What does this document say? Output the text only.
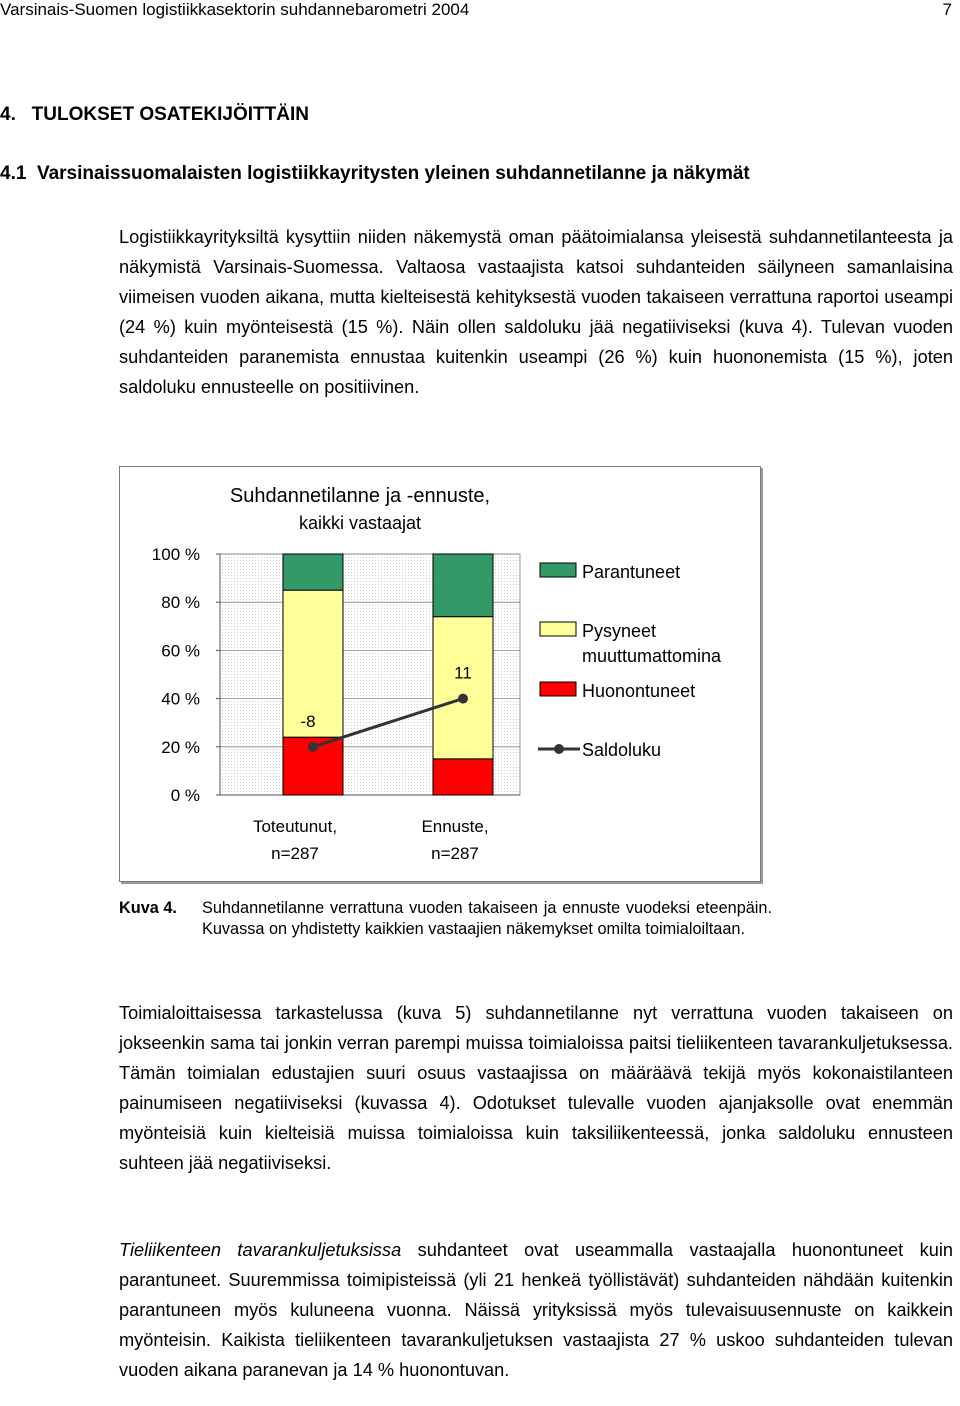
Varsinais-Suomen logistiikkasektorin suhdannebarometri 2004	7
4.   TULOKSET OSATEKIJÖITTÄIN
4.1  Varsinaissuomalaisten logistiikkayritysten yleinen suhdannetilanne ja näkymät

Logistiikkayrityksiltä kysyttiin niiden näkemystä oman päätoimialansa yleisestä suhdannetilanteesta ja näkymistä Varsinais-Suomessa. Valtaosa vastaajista katsoi suhdanteiden säilyneen samanlaisina viimeisen vuoden aikana, mutta kielteisestä kehityksestä vuoden takaiseen verrattuna raportoi useampi (24 %) kuin myönteisestä (15 %). Näin ollen saldoluku jää negatiiviseksi (kuva 4). Tulevan vuoden suhdanteiden paranemista ennustaa kuitenkin useampi (26 %) kuin huononemista (15 %), joten saldoluku ennusteelle on positiivinen.

Suhdannetilanne ja -ennuste,
kaikki vastaajat
0 %
20 %
40 %
60 %
80 %
100 %
Toteutunut,
n=287
Ennuste,
n=287
-8
11
Parantuneet
Pysyneet
muuttumattomina
Huonontuneet
Saldoluku
Kuva 4. Suhdannetilanne verrattuna vuoden takaiseen ja ennuste vuodeksi eteenpäin. Kuvassa on yhdistetty kaikkien vastaajien näkemykset omilta toimialoiltaan.

Toimialoittaisessa tarkastelussa (kuva 5) suhdannetilanne nyt verrattuna vuoden takaiseen on jokseenkin sama tai jonkin verran parempi muissa toimialoissa paitsi tieliikenteen tavarankuljetuksessa. Tämän toimialan edustajien suuri osuus vastaajissa on määräävä tekijä myös kokonaistilanteen painumiseen negatiiviseksi (kuvassa 4). Odotukset tulevalle vuoden ajanjaksolle ovat enemmän myönteisiä kuin kielteisiä muissa toimialoissa kuin taksiliikenteessä, jonka saldoluku ennusteen suhteen jää negatiiviseksi.

Tieliikenteen tavarankuljetuksissa suhdanteet ovat useammalla vastaajalla huonontuneet kuin parantuneet. Suuremmissa toimipisteissä (yli 21 henkeä työllistävät) suhdanteiden nähdään kuitenkin parantuneen myös kuluneena vuonna. Näissä yrityksissä myös tulevaisuusennuste on kaikkein myönteisin. Kaikista tieliikenteen tavarankuljetuksen vastaajista 27 % uskoo suhdanteiden tulevan vuoden aikana paranevan ja 14 % huonontuvan.
